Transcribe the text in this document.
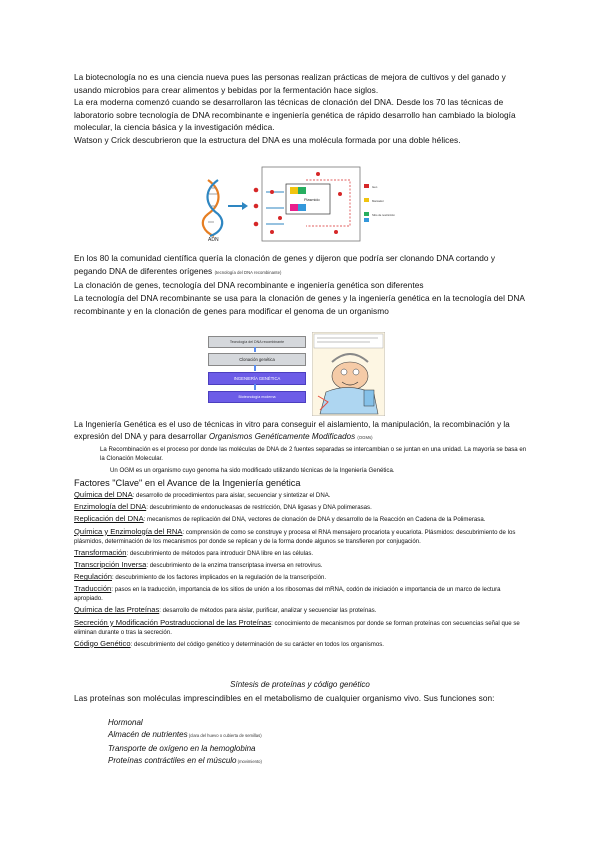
La biotecnología no es una ciencia nueva pues las personas realizan prácticas de mejora de cultivos y del ganado y usando microbios para crear alimentos y bebidas por la fermentación hace siglos.
La era moderna comenzó cuando se desarrollaron las técnicas de clonación del DNA. Desde los 70 las técnicas de laboratorio sobre tecnología de DNA recombinante e ingeniería genética de rápido desarrollo han cambiado la biología molecular, la ciencia básica y la investigación médica.
Watson y Crick descubrieron que la estructura del DNA es una molécula formada por una doble hélices.
ADN
Plasmido
Gen
Marcador
Sitio de restricción
En los 80 la comunidad científica quería la clonación de genes y dijeron que podría ser clonando DNA cortando y pegando DNA de diferentes orígenes (tecnología del DNA recombinante)
La clonación de genes, tecnología del DNA recombinante e ingeniería genética son diferentes
La tecnología del DNA recombinante se usa para la clonación de genes y la ingeniería genética en la tecnología del DNA recombinante y en la clonación de genes para modificar el genoma de un organismo
Tecnología del DNA recombinante
Clonación genética
INGENIERÍA GENÉTICA
Biotecnología moderna
La Ingeniería Genética es el uso de técnicas in vitro para conseguir el aislamiento, la manipulación, la recombinación y la expresión del DNA y para desarrollar Organismos Genéticamente Modificados (OGMs)
La Recombinación es el proceso por donde las moléculas de DNA de 2 fuentes separadas se intercambian o se juntan en una unidad. La mayoría se basa en la Clonación Molecular.
Un OGM es un organismo cuyo genoma ha sido modificado utilizando técnicas de la Ingeniería Genética.
Factores "Clave" en el Avance de la Ingeniería genética
Química del DNA: desarrollo de procedimientos para aislar, secuenciar y sintetizar el DNA.
Enzimología del DNA: descubrimiento de endonucleasas de restricción, DNA ligasas y DNA polimerasas.
Replicación del DNA: mecanismos de replicación del DNA, vectores de clonación de DNA y desarrollo de la Reacción en Cadena de la Polimerasa.
Química y Enzimología del RNA: comprensión de como se construye y procesa el RNA mensajero procariota y eucariota. Plásmidos: descubrimiento de los plásmidos, determinación de los mecanismos por donde se replican y de la forma donde algunos se transfieren por conjugación.
Transformación: descubrimiento de métodos para introducir DNA libre en las células.
Transcripción Inversa: descubrimiento de la enzima transcriptasa inversa en retrovirus.
Regulación: descubrimiento de los factores implicados en la regulación de la transcripción.
Traducción: pasos en la traducción, importancia de los sitios de unión a los ribosomas del mRNA, codón de iniciación e importancia de un marco de lectura apropiado.
Química de las Proteínas: desarrollo de métodos para aislar, purificar, analizar y secuenciar las proteínas.
Secreción y Modificación Postraduccional de las Proteínas: conocimiento de mecanismos por donde se forman proteínas con secuencias señal que se eliminan durante o tras la secreción.
Código Genético: descubrimiento del código genético y determinación de su carácter en todos los organismos.
Síntesis de proteínas y código genético
Las proteínas son moléculas imprescindibles en el metabolismo de cualquier organismo vivo. Sus funciones son:
Hormonal
Almacén de nutrientes (clara del huevo o cubierta de semillas)
Transporte de oxígeno en la hemoglobina
Proteínas contráctiles en el músculo (movimiento)
